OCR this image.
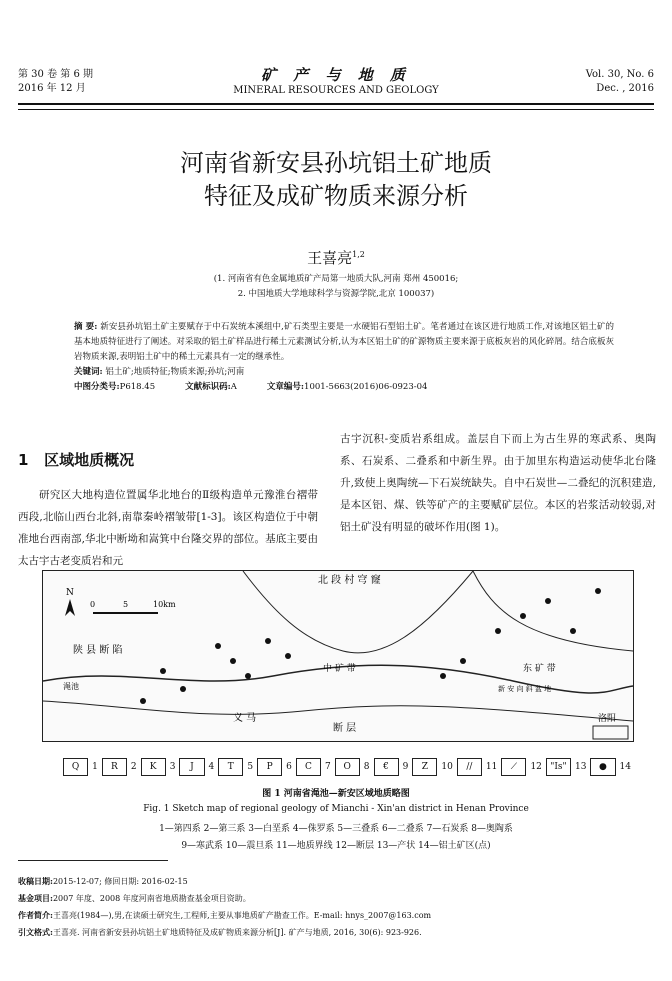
第 30 卷 第 6 期
2016 年 12 月
矿 产 与 地 质
MINERAL RESOURCES AND GEOLOGY
Vol. 30, No. 6
Dec. , 2016
河南省新安县孙坑铝土矿地质
特征及成矿物质来源分析
王喜亮$^{1,2}$
(1. 河南省有色金属地质矿产局第一地质大队,河南 郑州 450016;
2. 中国地质大学地球科学与资源学院,北京 100037)
摘 要: 新安县孙坑铝土矿主要赋存于中石炭统本溪组中,矿石类型主要是一水硬铝石型铝土矿。笔者通过在该区进行地质工作,对该地区铝土矿的基本地质特征进行了阐述。对采取的铝土矿样品进行稀土元素测试分析,认为本区铝土矿的矿源物质主要来源于底板灰岩的风化碎屑。结合底板灰岩物质来源,表明铝土矿中的稀土元素具有一定的继承性。
关键词: 铝土矿;地质特征;物质来源;孙坑;河南
中图分类号:P618.45	文献标识码:A	文章编号:1001-5663(2016)06-0923-04
1 区域地质概况
研究区大地构造位置属华北地台的Ⅱ级构造单元豫淮台褶带西段,北临山西台北斜,南靠秦岭褶皱带[1-3]。该区构造位于中朝准地台西南部,华北中断坳和嵩箕中台隆交界的部位。基底主要由太古宇古老变质岩和元
古宇沉积-变质岩系组成。盖层自下而上为古生界的寒武系、奥陶系、石炭系、二叠系和中新生界。由于加里东构造运动使华北台隆升,致使上奥陶统—下石炭统缺失。自中石炭世—二叠纪的沉积建造,是本区铝、煤、铁等矿产的主要赋矿层位。本区的岩浆活动较弱,对铝土矿没有明显的破坏作用(图 1)。
N
0	5	10km
北 段 村 穹 窿
陕 县 断 陷
中 矿 带	东 矿 带
新 安 向 斜 盆 地
洛阳
渑池
义 马
断 层
Q	1	R	2	K	3	J	4	T	5	P	6	C	7	O	8	€	9	Z	10	//	11	⟋	12 "Is" 13	●	14
图 1 河南省渑池—新安区域地质略图
Fig. 1 Sketch map of regional geology of Mianchi - Xin'an district in Henan Province
1—第四系 2—第三系 3—白垩系 4—侏罗系 5—三叠系 6—二叠系 7—石炭系 8—奥陶系
9—寒武系 10—震旦系 11—地质界线 12—断层 13—产状 14—铝土矿区(点)
收稿日期:2015-12-07; 修回日期: 2016-02-15
基金项目:2007 年度、2008 年度河南省地质勘查基金项目资助。
作者简介:王喜亮(1984—),男,在读硕士研究生,工程师,主要从事地质矿产勘查工作。E-mail: hnys_2007@163.com
引文格式:王喜亮. 河南省新安县孙坑铝土矿地质特征及成矿物质来源分析[J]. 矿产与地质, 2016, 30(6): 923-926.
